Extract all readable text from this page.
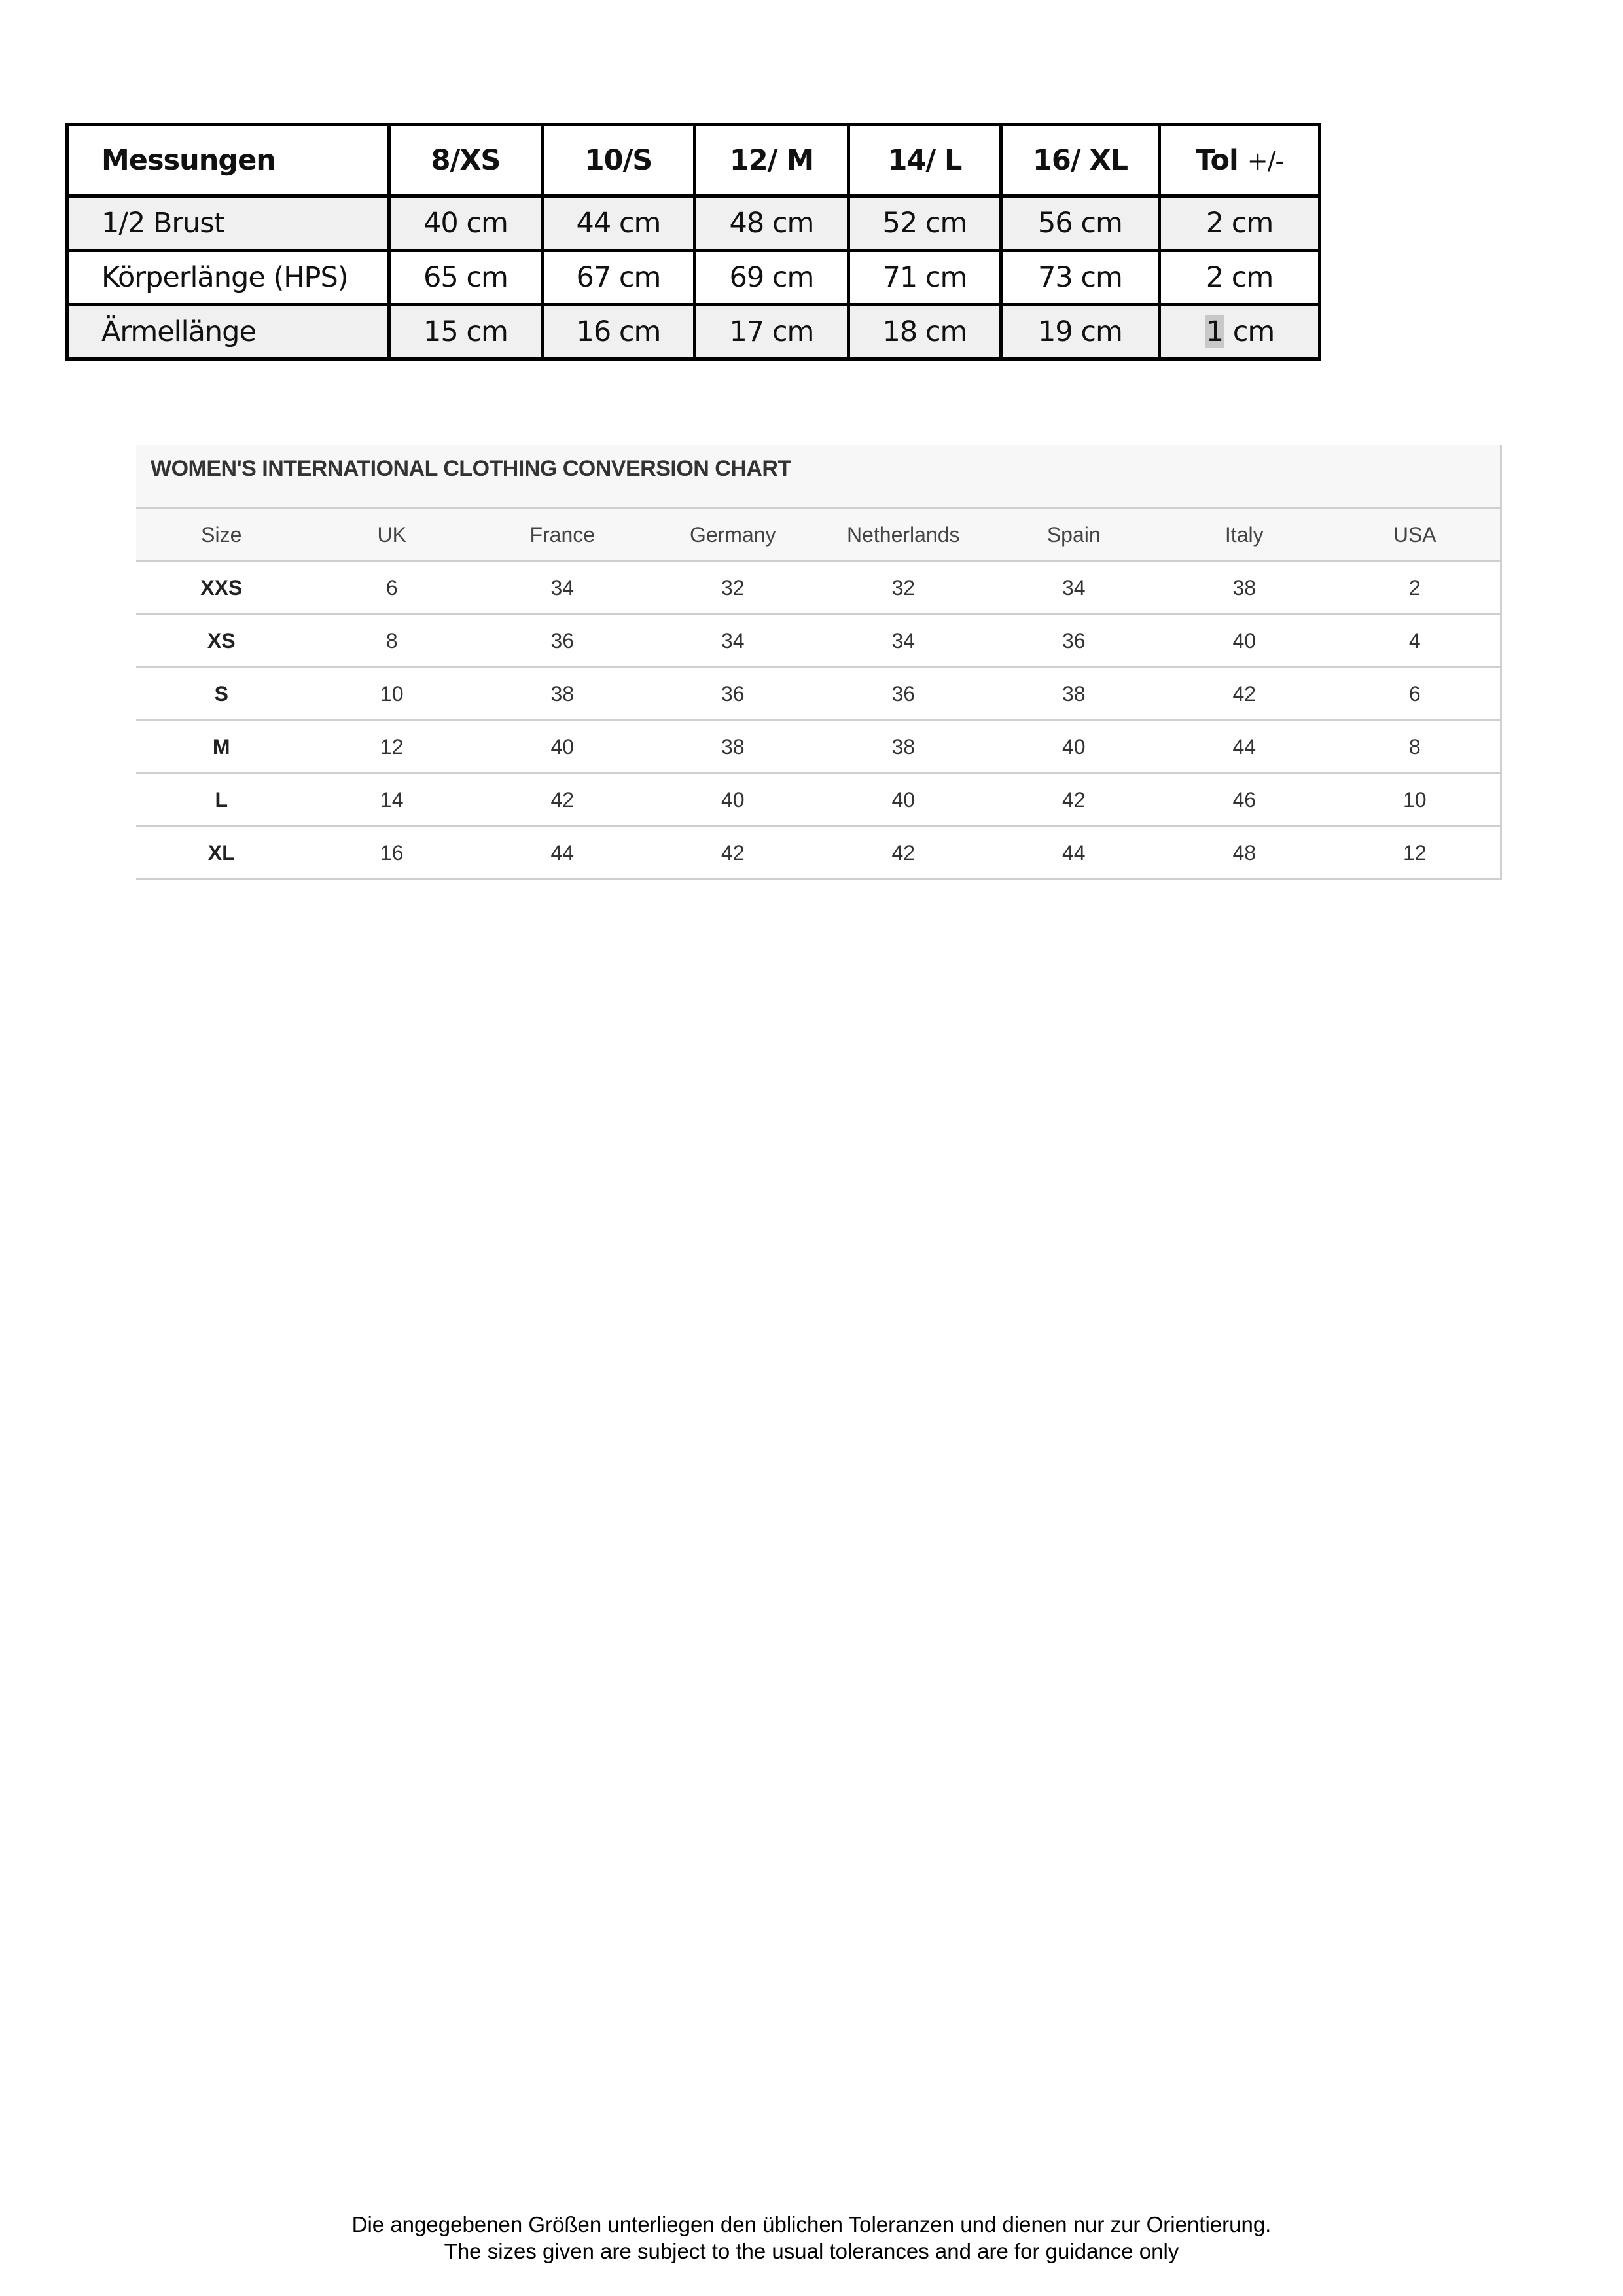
Messungen	8/XS	10/S	12/ M	14/ L	16/ XL	Tol +/-
1/2 Brust	40 cm	44 cm	48 cm	52 cm	56 cm	2 cm
Körperlänge (HPS)	65 cm	67 cm	69 cm	71 cm	73 cm	2 cm
Ärmellänge	15 cm	16 cm	17 cm	18 cm	19 cm	1 cm
WOMEN'S INTERNATIONAL CLOTHING CONVERSION CHART
Size	UK	France	Germany	Netherlands	Spain	Italy	USA
XXS	6	34	32	32	34	38	2
XS	8	36	34	34	36	40	4
S	10	38	36	36	38	42	6
M	12	40	38	38	40	44	8
L	14	42	40	40	42	46	10
XL	16	44	42	42	44	48	12
Die angegebenen Größen unterliegen den üblichen Toleranzen und dienen nur zur Orientierung.
The sizes given are subject to the usual tolerances and are for guidance only
